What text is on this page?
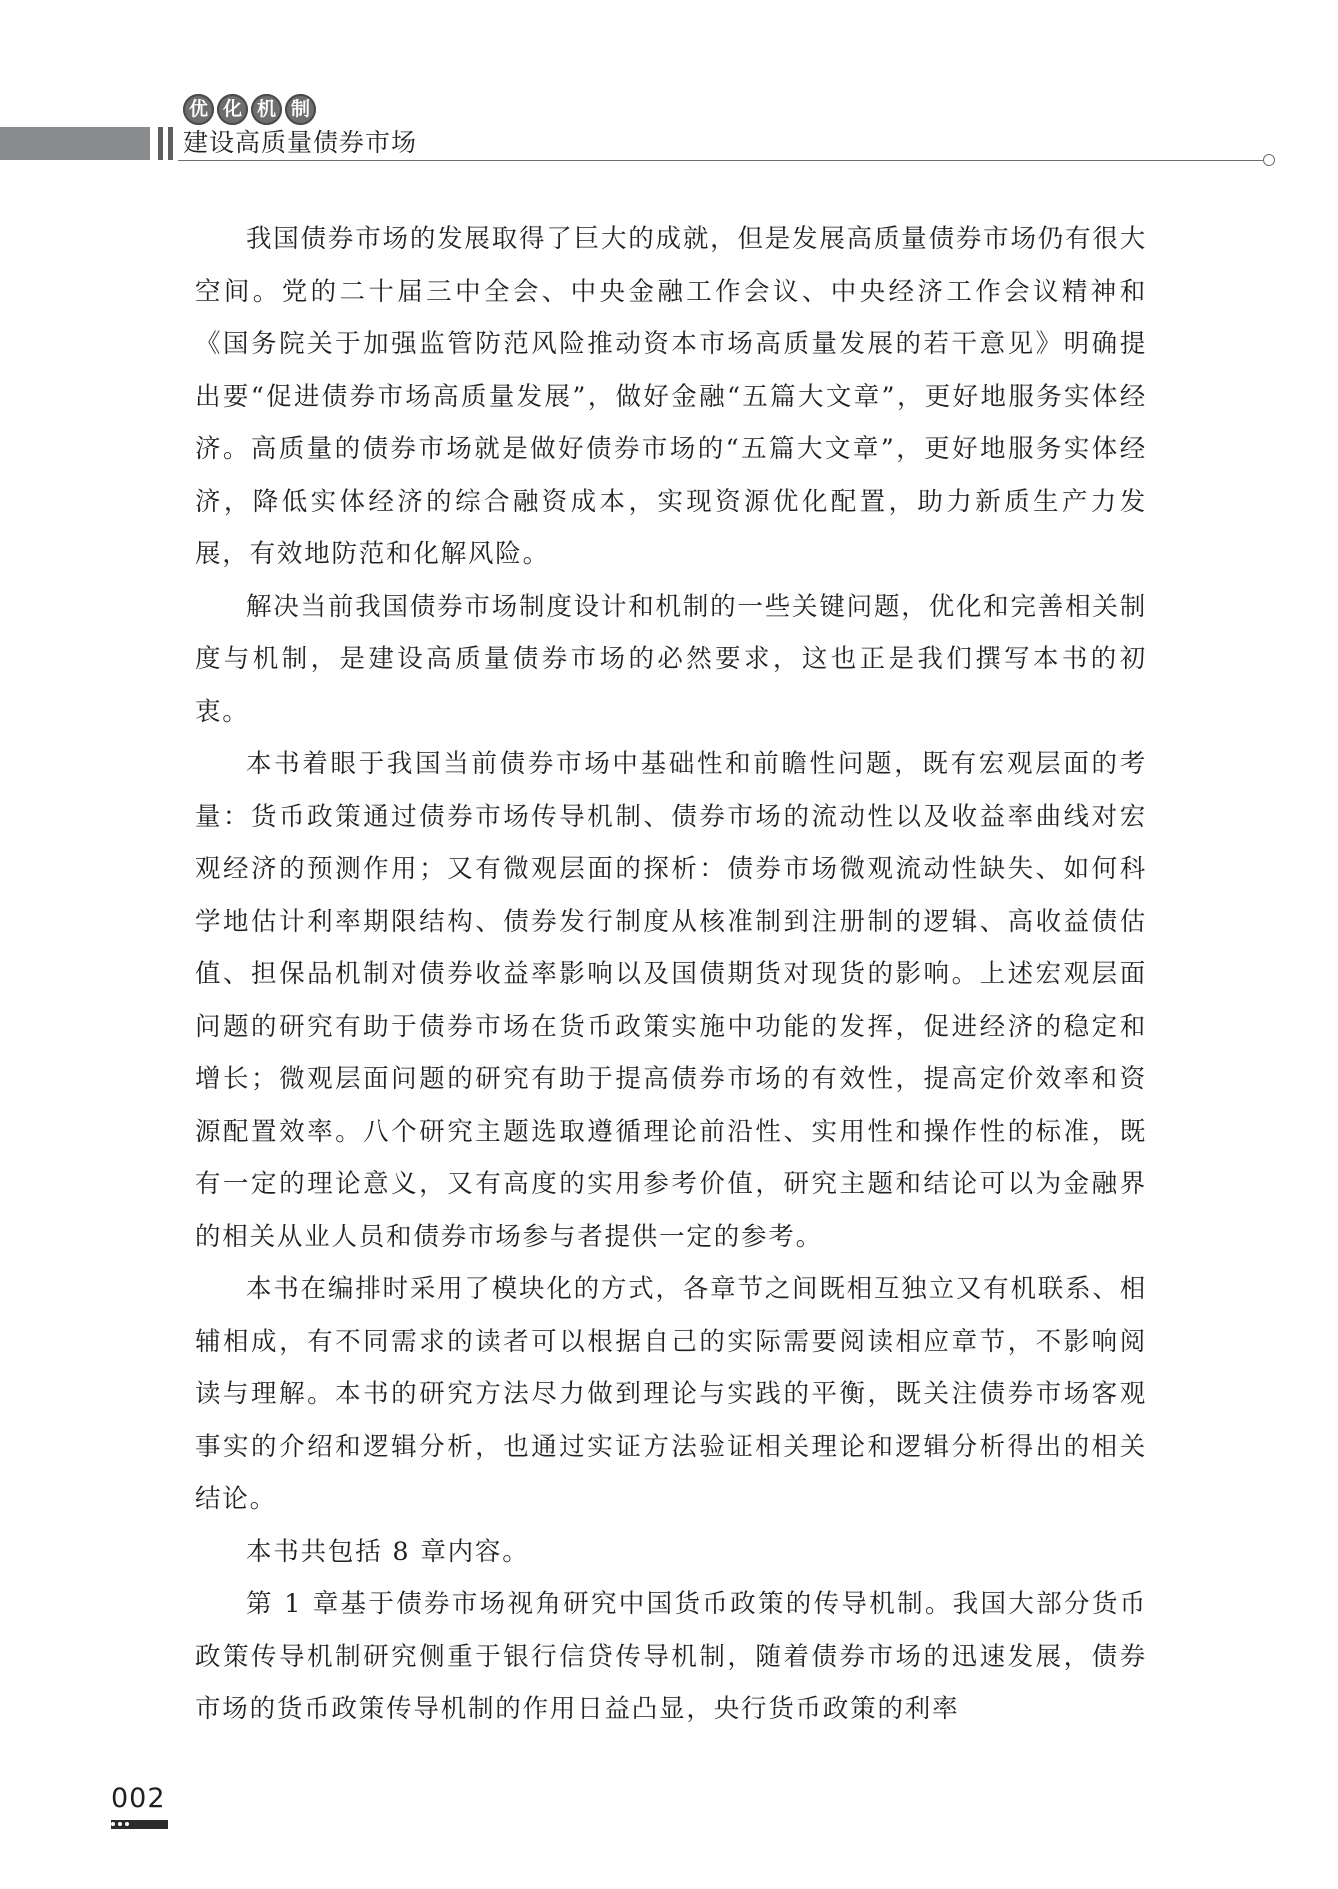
优 化 机 制
建设高质量债券市场

我国债券市场的发展取得了巨大的成就，但是发展高质量债券市场仍有很大空间。党的二十届三中全会、中央金融工作会议、中央经济工作会议精神和《国务院关于加强监管防范风险推动资本市场高质量发展的若干意见》明确提出要“促进债券市场高质量发展”，做好金融“五篇大文章”，更好地服务实体经济。高质量的债券市场就是做好债券市场的“五篇大文章”，更好地服务实体经济，降低实体经济的综合融资成本，实现资源优化配置，助力新质生产力发展，有效地防范和化解风险。

解决当前我国债券市场制度设计和机制的一些关键问题，优化和完善相关制度与机制，是建设高质量债券市场的必然要求，这也正是我们撰写本书的初衷。

本书着眼于我国当前债券市场中基础性和前瞻性问题，既有宏观层面的考量：货币政策通过债券市场传导机制、债券市场的流动性以及收益率曲线对宏观经济的预测作用；又有微观层面的探析：债券市场微观流动性缺失、如何科学地估计利率期限结构、债券发行制度从核准制到注册制的逻辑、高收益债估值、担保品机制对债券收益率影响以及国债期货对现货的影响。上述宏观层面问题的研究有助于债券市场在货币政策实施中功能的发挥，促进经济的稳定和增长；微观层面问题的研究有助于提高债券市场的有效性，提高定价效率和资源配置效率。八个研究主题选取遵循理论前沿性、实用性和操作性的标准，既有一定的理论意义，又有高度的实用参考价值，研究主题和结论可以为金融界的相关从业人员和债券市场参与者提供一定的参考。

本书在编排时采用了模块化的方式，各章节之间既相互独立又有机联系、相辅相成，有不同需求的读者可以根据自己的实际需要阅读相应章节，不影响阅读与理解。本书的研究方法尽力做到理论与实践的平衡，既关注债券市场客观事实的介绍和逻辑分析，也通过实证方法验证相关理论和逻辑分析得出的相关结论。

本书共包括 8 章内容。

第 1 章基于债券市场视角研究中国货币政策的传导机制。我国大部分货币政策传导机制研究侧重于银行信贷传导机制，随着债券市场的迅速发展，债券市场的货币政策传导机制的作用日益凸显，央行货币政策的利率

002
